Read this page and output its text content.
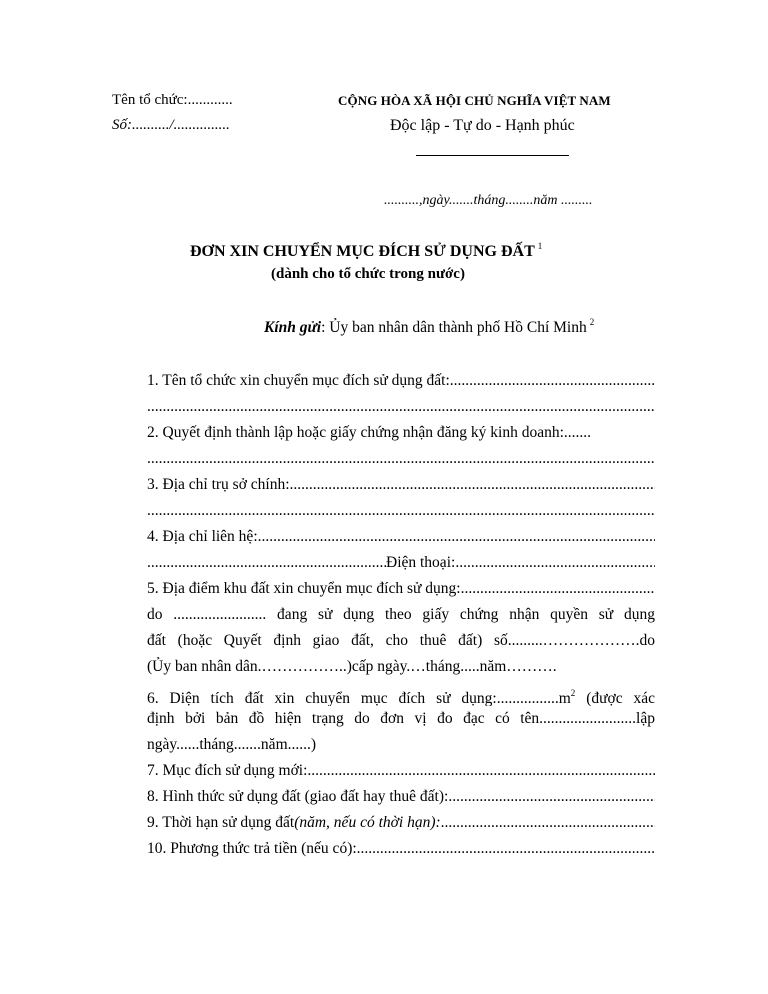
Tên tổ chức:............
Số:........../...............
CỘNG HÒA XÃ HỘI CHỦ NGHĨA VIỆT NAM
Độc lập - Tự do - Hạnh phúc
..........,ngày.......tháng........năm .........
ĐƠN XIN CHUYỂN MỤC ĐÍCH SỬ DỤNG ĐẤT $^1$
(dành cho tổ chức trong nước)
Kính gửi: Ủy ban nhân dân thành phố Hồ Chí Minh $^2$
1. Tên tổ chức xin chuyển mục đích sử dụng đất:
.....
.....
2. Quyết định thành lập hoặc giấy chứng nhận đăng ký kinh doanh:.......
.....
3. Địa chỉ trụ sở chính:
.....
.....
4. Địa chỉ liên hệ:
.....
.....
Điện thoại:
.....
5. Địa điểm khu đất xin chuyển mục đích sử dụng:
.....
do ........................ đang sử dụng theo giấy chứng nhận quyền sử dụng
đất (hoặc Quyết định giao đất, cho thuê đất) số.........……………….do
(Ủy ban nhân dân.……………..)cấp ngày.…tháng.....năm……….
6. Diện tích đất xin chuyển mục đích sử $dụng:................m^2$ (được xác
định bởi bản đồ hiện trạng do đơn vị đo đạc có tên.........................lập
ngày......tháng.......năm......)
7. Mục đích sử dụng mới:
.....
8. Hình thức sử dụng đất (giao đất hay thuê đất):
.....
9. Thời hạn sử dụng đất (năm, nếu có thời hạn):
.....
10. Phương thức trả tiền (nếu có):
.....
